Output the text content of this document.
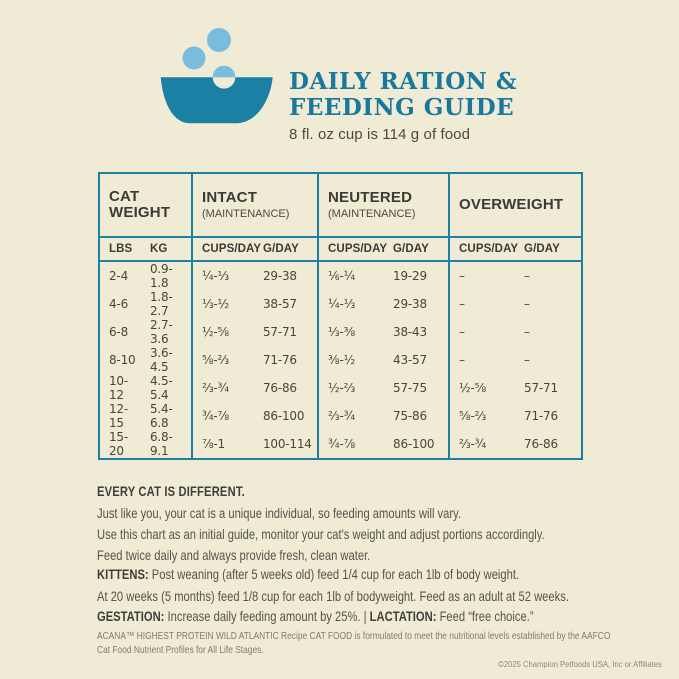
DAILY RATION &
FEEDING GUIDE
8 fl. oz cup is 114 g of food
CAT WEIGHT

INTACT
(MAINTENANCE)

NEUTERED
(MAINTENANCE)

OVERWEIGHT

LBS	KG	CUPS/DAY	G/DAY	CUPS/DAY	G/DAY	CUPS/DAY	G/DAY
2-4	0.9-1.8	¼-⅓	29-38	⅙-¼	19-29	–	–
4-6	1.8-2.7	⅓-½	38-57	¼-⅓	29-38	–	–
6-8	2.7-3.6	½-⅝	57-71	⅓-⅜	38-43	–	–
8-10	3.6-4.5	⅝-⅔	71-76	⅜-½	43-57	–	–
10-12	4.5-5.4	⅔-¾	76-86	½-⅔	57-75	½-⅝	57-71
12-15	5.4-6.8	¾-⅞	86-100	⅔-¾	75-86	⅝-⅔	71-76
15-20	6.8-9.1	⅞-1	100-114	¾-⅞	86-100	⅔-¾	76-86
EVERY CAT IS DIFFERENT.
Just like you, your cat is a unique individual, so feeding amounts will vary.
Use this chart as an initial guide, monitor your cat's weight and adjust portions accordingly.
Feed twice daily and always provide fresh, clean water.
KITTENS: Post weaning (after 5 weeks old) feed 1/4 cup for each 1lb of body weight.
At 20 weeks (5 months) feed 1/8 cup for each 1lb of bodyweight. Feed as an adult at 52 weeks.
GESTATION: Increase daily feeding amount by 25%. | LACTATION: Feed “free choice.”
ACANA™ HIGHEST PROTEIN WILD ATLANTIC Recipe CAT FOOD is formulated to meet the nutritional levels established by the AAFCO
Cat Food Nutrient Profiles for All Life Stages.
©2025 Champion Petfoods USA, Inc or Affiliates
